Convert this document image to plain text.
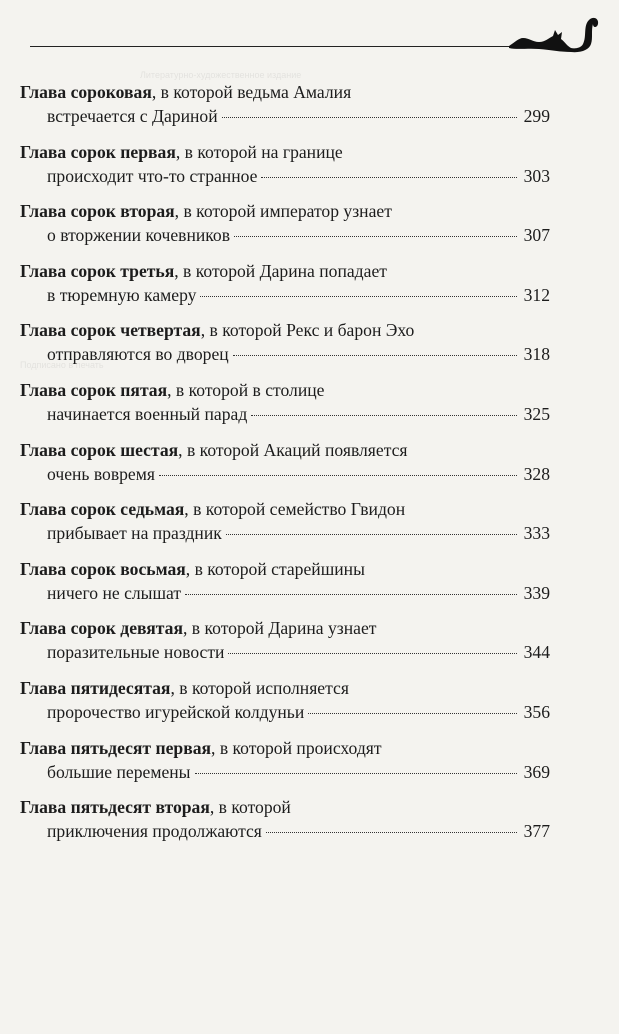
Литературно-художественное издание
Подписано в печать
Глава сороковая, в которой ведьма Амалия
встречается с Дариной	299
Глава сорок первая, в которой на границе
происходит что-то странное	303
Глава сорок вторая, в которой император узнает
о вторжении кочевников	307
Глава сорок третья, в которой Дарина попадает
в тюремную камеру	312
Глава сорок четвертая, в которой Рекс и барон Эхо
отправляются во дворец	318
Глава сорок пятая, в которой в столице
начинается военный парад	325
Глава сорок шестая, в которой Акаций появляется
очень вовремя	328
Глава сорок седьмая, в которой семейство Гвидон
прибывает на праздник	333
Глава сорок восьмая, в которой старейшины
ничего не слышат	339
Глава сорок девятая, в которой Дарина узнает
поразительные новости	344
Глава пятидесятая, в которой исполняется
пророчество игурейской колдуньи	356
Глава пятьдесят первая, в которой происходят
большие перемены	369
Глава пятьдесят вторая, в которой
приключения продолжаются	377
